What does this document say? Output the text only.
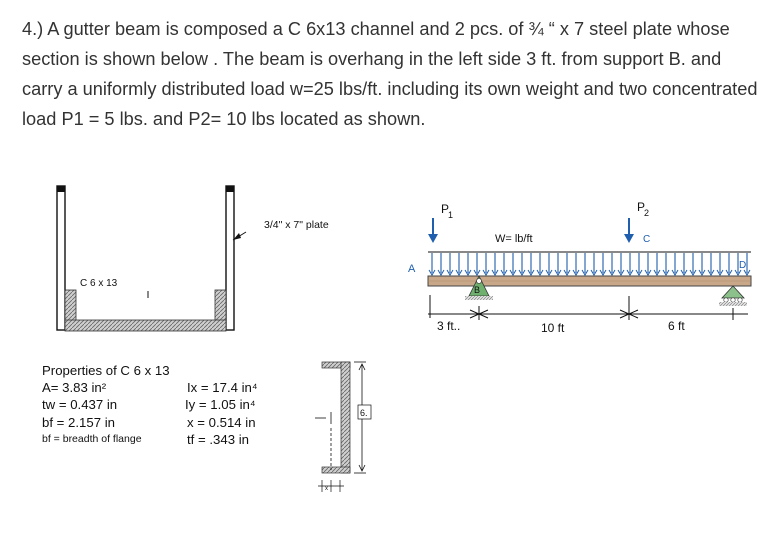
4.) A gutter beam is composed a C 6x13 channel and 2 pcs. of ¾ “ x 7 steel plate whose section is shown below . The beam is overhang in the left side 3 ft. from support B. and carry a uniformly distributed load w=25 lbs/ft. including its own weight and two concentrated load P1 = 5 lbs. and P2= 10 lbs located as shown.

3/4" x 7" plate
C 6 x 13
P
1
P
2
W= lb/ft
A
C
D
B
3 ft..	10 ft	6 ft
6.
x
Properties of C 6 x 13
A= 3.83 in²	Ix = 17.4 in⁴
tw = 0.437 in	Iy = 1.05 in⁴
bf = 2.157 in	x = 0.514 in
bf = breadth of flange	tf = .343 in
